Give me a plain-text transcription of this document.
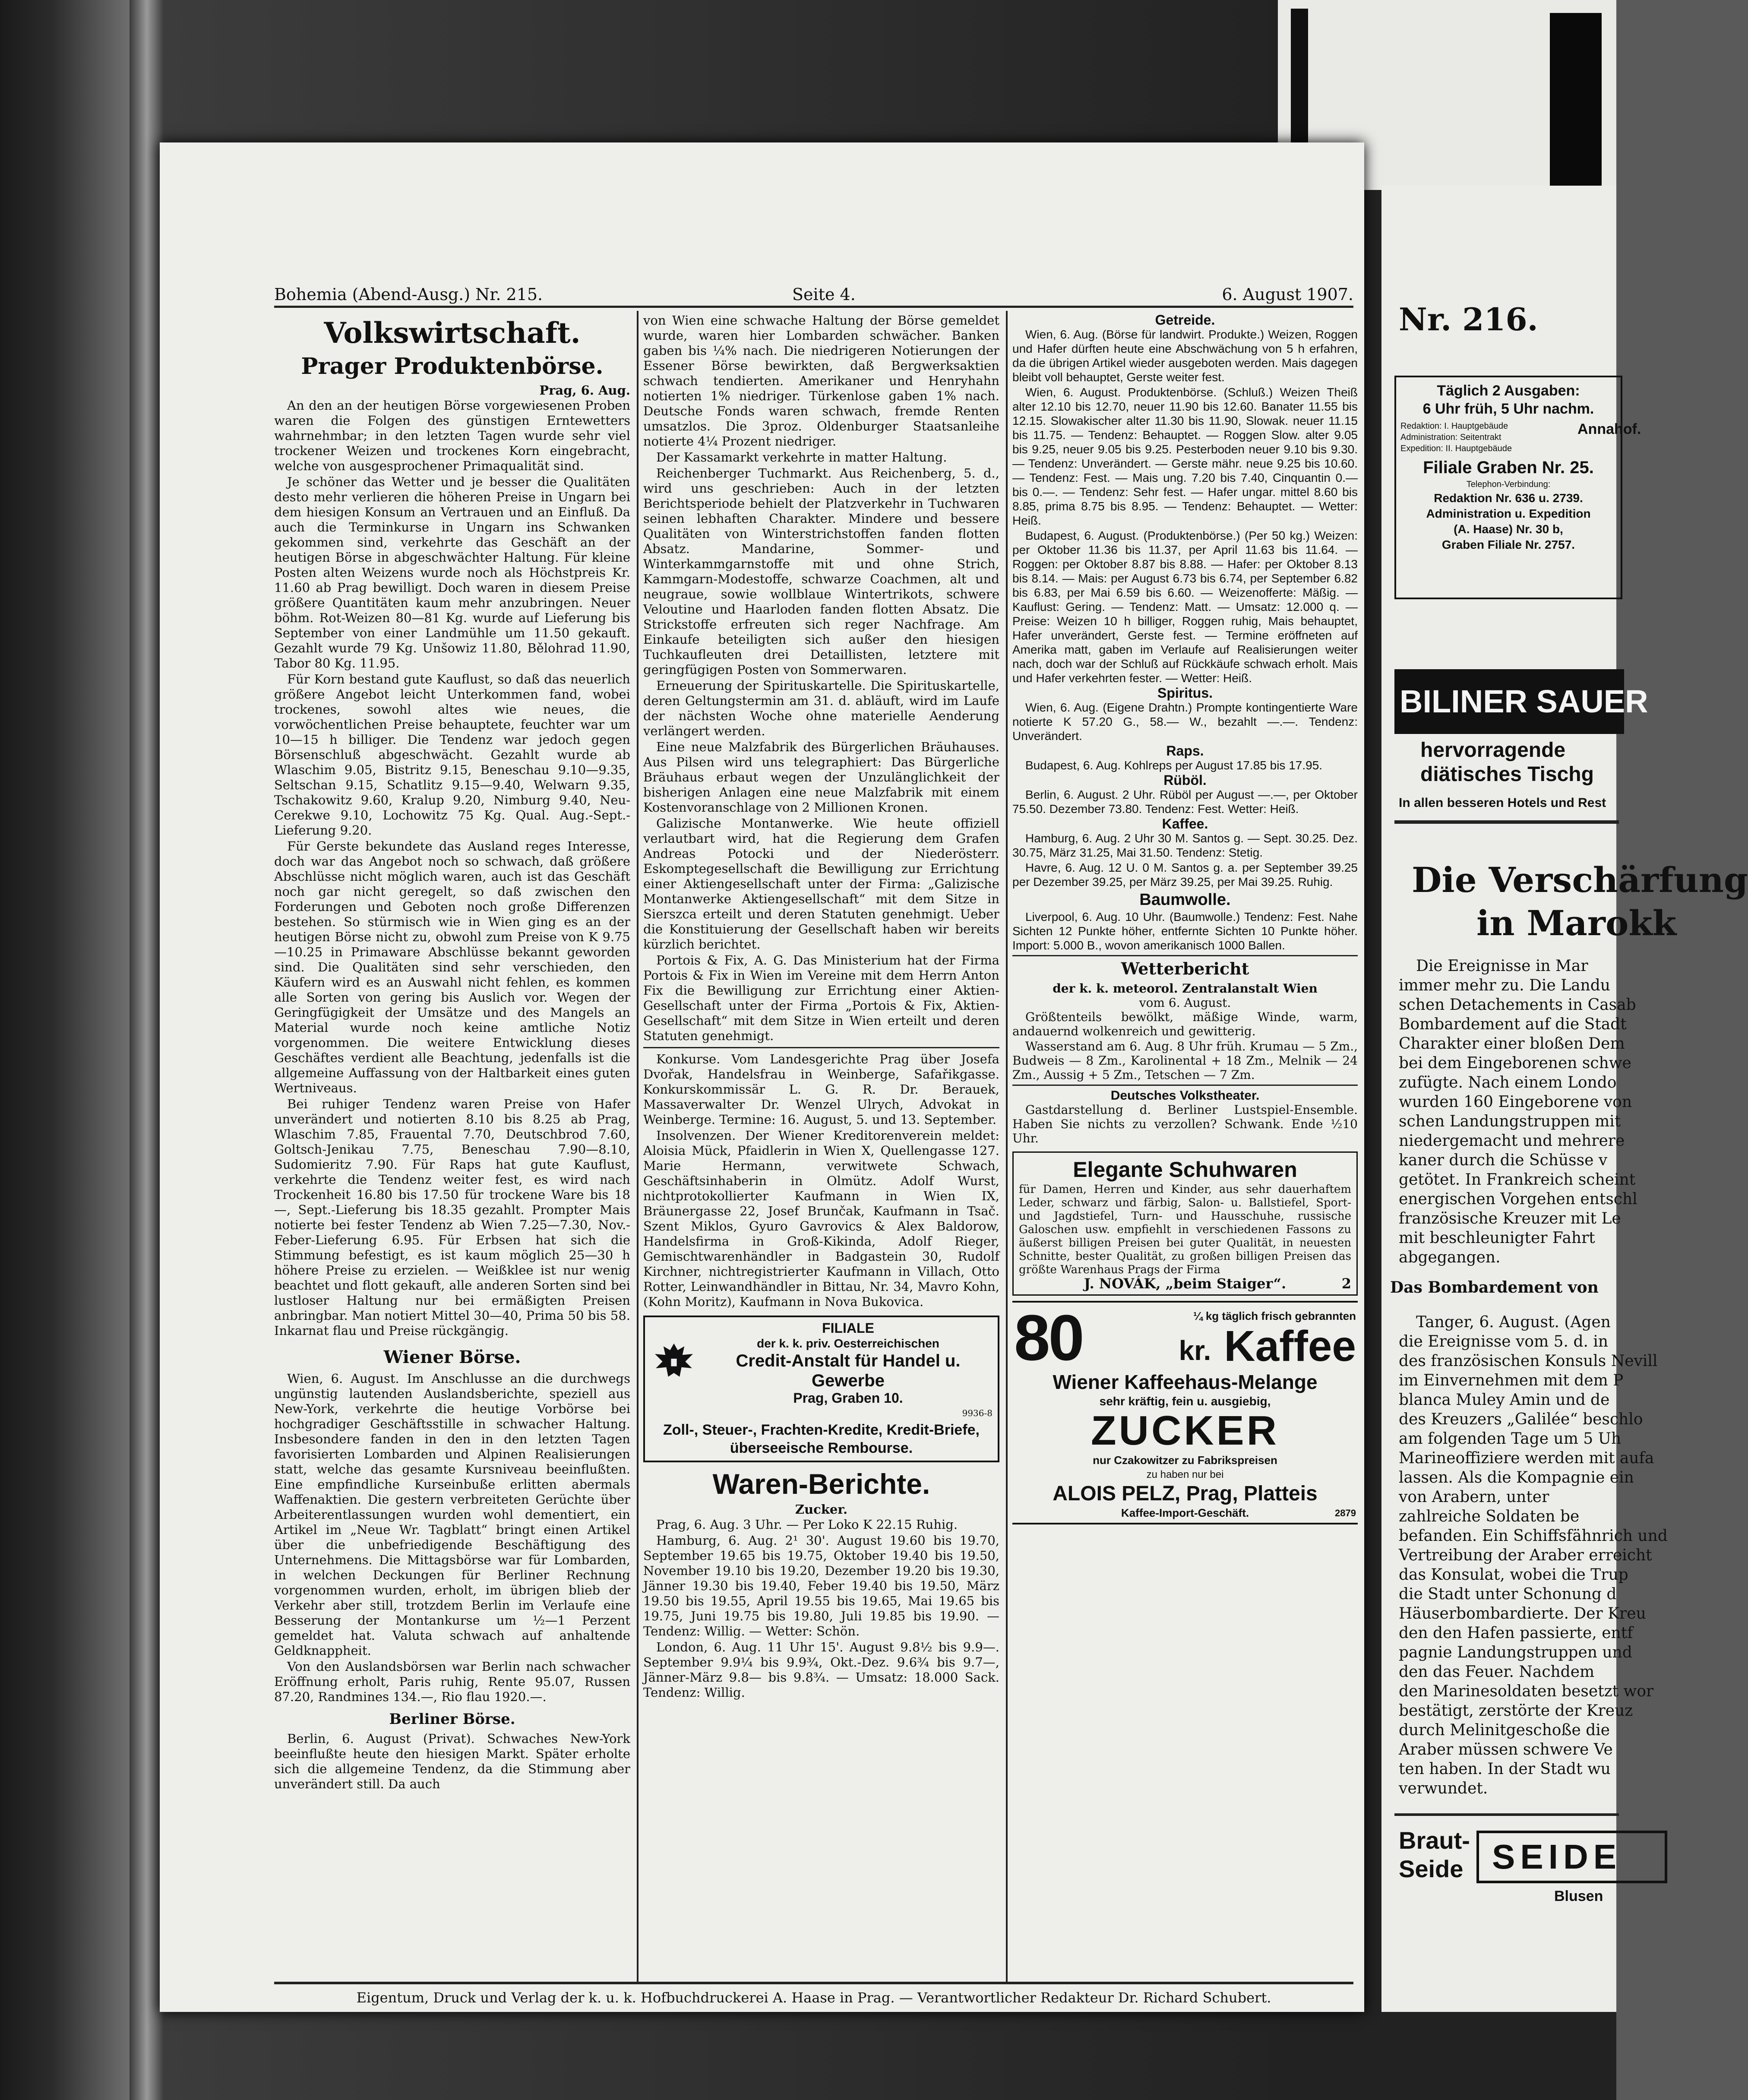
Bohemia (Abend-Ausg.) Nr. 215.	Seite 4.	6. August 1907.
Volkswirtschaft.
Prager Produktenbörse.
Prag, 6. Aug.

An den an der heutigen Börse vorgewiesenen Proben waren die Folgen des günstigen Erntewetters wahrnehmbar; in den letzten Tagen wurde sehr viel trockener Weizen und trockenes Korn eingebracht, welche von ausgesprochener Primaqualität sind.

Je schöner das Wetter und je besser die Qualitäten desto mehr verlieren die höheren Preise in Ungarn bei dem hiesigen Konsum an Vertrauen und an Einfluß. Da auch die Terminkurse in Ungarn ins Schwanken gekommen sind, verkehrte das Geschäft an der heutigen Börse in abgeschwächter Haltung. Für kleine Posten alten Weizens wurde noch als Höchstpreis Kr. 11.60 ab Prag bewilligt. Doch waren in diesem Preise größere Quantitäten kaum mehr anzubringen. Neuer böhm. Rot-Weizen 80—81 Kg. wurde auf Lieferung bis September von einer Landmühle um 11.50 gekauft. Gezahlt wurde 79 Kg. Unšowiz 11.80, Bělohrad 11.90, Tabor 80 Kg. 11.95.

Für Korn bestand gute Kauflust, so daß das neuerlich größere Angebot leicht Unterkommen fand, wobei trockenes, sowohl altes wie neues, die vorwöchentlichen Preise behauptete, feuchter war um 10—15 h billiger. Die Tendenz war jedoch gegen Börsenschluß abgeschwächt. Gezahlt wurde ab Wlaschim 9.05, Bistritz 9.15, Beneschau 9.10—9.35, Seltschan 9.15, Schatlitz 9.15—9.40, Welwarn 9.35, Tschakowitz 9.60, Kralup 9.20, Nimburg 9.40, Neu-Cerekwe 9.10, Lochowitz 75 Kg. Qual. Aug.-Sept.-Lieferung 9.20.

Für Gerste bekundete das Ausland reges Interesse, doch war das Angebot noch so schwach, daß größere Abschlüsse nicht möglich waren, auch ist das Geschäft noch gar nicht geregelt, so daß zwischen den Forderungen und Geboten noch große Differenzen bestehen. So stürmisch wie in Wien ging es an der heutigen Börse nicht zu, obwohl zum Preise von K 9.75—10.25 in Primaware Abschlüsse bekannt geworden sind. Die Qualitäten sind sehr verschieden, den Käufern wird es an Auswahl nicht fehlen, es kommen alle Sorten von gering bis Auslich vor. Wegen der Geringfügigkeit der Umsätze und des Mangels an Material wurde noch keine amtliche Notiz vorgenommen. Die weitere Entwicklung dieses Geschäftes verdient alle Beachtung, jedenfalls ist die allgemeine Auffassung von der Haltbarkeit eines guten Wertniveaus.

Bei ruhiger Tendenz waren Preise von Hafer unverändert und notierten 8.10 bis 8.25 ab Prag, Wlaschim 7.85, Frauental 7.70, Deutschbrod 7.60, Goltsch-Jenikau 7.75, Beneschau 7.90—8.10, Sudomieritz 7.90. Für Raps hat gute Kauflust, verkehrte die Tendenz weiter fest, es wird nach Trockenheit 16.80 bis 17.50 für trockene Ware bis 18—, Sept.-Lieferung bis 18.35 gezahlt. Prompter Mais notierte bei fester Tendenz ab Wien 7.25—7.30, Nov.-Feber-Lieferung 6.95. Für Erbsen hat sich die Stimmung befestigt, es ist kaum möglich 25—30 h höhere Preise zu erzielen. — Weißklee ist nur wenig beachtet und flott gekauft, alle anderen Sorten sind bei lustloser Haltung nur bei ermäßigten Preisen anbringbar. Man notiert Mittel 30—40, Prima 50 bis 58. Inkarnat flau und Preise rückgängig.

Wiener Börse.

Wien, 6. August. Im Anschlusse an die durchwegs ungünstig lautenden Auslandsberichte, speziell aus New-York, verkehrte die heutige Vorbörse bei hochgradiger Geschäftsstille in schwacher Haltung. Insbesondere fanden in den in den letzten Tagen favorisierten Lombarden und Alpinen Realisierungen statt, welche das gesamte Kursniveau beeinflußten. Eine empfindliche Kurseinbuße erlitten abermals Waffenaktien. Die gestern verbreiteten Gerüchte über Arbeiterentlassungen wurden wohl dementiert, ein Artikel im „Neue Wr. Tagblatt“ bringt einen Artikel über die unbefriedigende Beschäftigung des Unternehmens. Die Mittagsbörse war für Lombarden, in welchen Deckungen für Berliner Rechnung vorgenommen wurden, erholt, im übrigen blieb der Verkehr aber still, trotzdem Berlin im Verlaufe eine Besserung der Montankurse um ½—1 Perzent gemeldet hat. Valuta schwach auf anhaltende Geldknappheit.

Von den Auslandsbörsen war Berlin nach schwacher Eröffnung erholt, Paris ruhig, Rente 95.07, Russen 87.20, Randmines 134.—, Rio flau 1920.—.

Berliner Börse.

Berlin, 6. August (Privat). Schwaches New-York beeinflußte heute den hiesigen Markt. Später erholte sich die allgemeine Tendenz, da die Stimmung aber unverändert still. Da auch

von Wien eine schwache Haltung der Börse gemeldet wurde, waren hier Lombarden schwächer. Banken gaben bis ¼% nach. Die niedrigeren Notierungen der Essener Börse bewirkten, daß Bergwerksaktien schwach tendierten. Amerikaner und Henryhahn notierten 1% niedriger. Türkenlose gaben 1% nach. Deutsche Fonds waren schwach, fremde Renten umsatzlos. Die 3proz. Oldenburger Staatsanleihe notierte 4¼ Prozent niedriger.

Der Kassamarkt verkehrte in matter Haltung.

Reichenberger Tuchmarkt. Aus Reichenberg, 5. d., wird uns geschrieben: Auch in der letzten Berichtsperiode behielt der Platzverkehr in Tuchwaren seinen lebhaften Charakter. Mindere und bessere Qualitäten von Winterstrichstoffen fanden flotten Absatz. Mandarine, Sommer- und Winterkammgarnstoffe mit und ohne Strich, Kammgarn-Modestoffe, schwarze Coachmen, alt und neugraue, sowie wollblaue Wintertrikots, schwere Veloutine und Haarloden fanden flotten Absatz. Die Strickstoffe erfreuten sich reger Nachfrage. Am Einkaufe beteiligten sich außer den hiesigen Tuchkaufleuten drei Detaillisten, letztere mit geringfügigen Posten von Sommerwaren.

Erneuerung der Spirituskartelle. Die Spirituskartelle, deren Geltungstermin am 31. d. abläuft, wird im Laufe der nächsten Woche ohne materielle Aenderung verlängert werden.

Eine neue Malzfabrik des Bürgerlichen Bräuhauses. Aus Pilsen wird uns telegraphiert: Das Bürgerliche Bräuhaus erbaut wegen der Unzulänglichkeit der bisherigen Anlagen eine neue Malzfabrik mit einem Kostenvoranschlage von 2 Millionen Kronen.

Galizische Montanwerke. Wie heute offiziell verlautbart wird, hat die Regierung dem Grafen Andreas Potocki und der Niederösterr. Eskomptegesellschaft die Bewilligung zur Errichtung einer Aktiengesellschaft unter der Firma: „Galizische Montanwerke Aktiengesellschaft“ mit dem Sitze in Sierszca erteilt und deren Statuten genehmigt. Ueber die Konstituierung der Gesellschaft haben wir bereits kürzlich berichtet.

Portois & Fix, A. G. Das Ministerium hat der Firma Portois & Fix in Wien im Vereine mit dem Herrn Anton Fix die Bewilligung zur Errichtung einer Aktien-Gesellschaft unter der Firma „Portois & Fix, Aktien-Gesellschaft“ mit dem Sitze in Wien erteilt und deren Statuten genehmigt.

Konkurse. Vom Landesgerichte Prag über Josefa Dvořak, Handelsfrau in Weinberge, Safařikgasse. Konkurskommissär L. G. R. Dr. Berauek, Massaverwalter Dr. Wenzel Ulrych, Advokat in Weinberge. Termine: 16. August, 5. und 13. September.

Insolvenzen. Der Wiener Kreditorenverein meldet: Aloisia Mück, Pfaidlerin in Wien X, Quellengasse 127. Marie Hermann, verwitwete Schwach, Geschäftsinhaberin in Olmütz. Adolf Wurst, nichtprotokollierter Kaufmann in Wien IX, Bräunergasse 22, Josef Brunčak, Kaufmann in Tsač. Szent Miklos, Gyuro Gavrovics & Alex Baldorow, Handelsfirma in Groß-Kikinda, Adolf Rieger, Gemischtwarenhändler in Badgastein 30, Rudolf Kirchner, nichtregistrierter Kaufmann in Villach, Otto Rotter, Leinwandhändler in Bittau, Nr. 34, Mavro Kohn, (Kohn Moritz), Kaufmann in Nova Bukovica.

FILIALE
der k. k. priv. Oesterreichischen
Credit-Anstalt für Handel u. Gewerbe
Prag, Graben 10.
9936-8
Zoll-, Steuer-, Frachten-Kredite, Kredit-Briefe, überseeische Rembourse.
Waren-Berichte.
Zucker.

Prag, 6. Aug. 3 Uhr. — Per Loko K 22.15 Ruhig.

Hamburg, 6. Aug. 2¹ 30'. August 19.60 bis 19.70, September 19.65 bis 19.75, Oktober 19.40 bis 19.50, November 19.10 bis 19.20, Dezember 19.20 bis 19.30, Jänner 19.30 bis 19.40, Feber 19.40 bis 19.50, März 19.50 bis 19.55, April 19.55 bis 19.65, Mai 19.65 bis 19.75, Juni 19.75 bis 19.80, Juli 19.85 bis 19.90. — Tendenz: Willig. — Wetter: Schön.

London, 6. Aug. 11 Uhr 15'. August 9.8¹⁄₂ bis 9.9—. September 9.9¹⁄₄ bis 9.9³⁄₄, Okt.-Dez. 9.6³⁄₄ bis 9.7—, Jänner-März 9.8— bis 9.8³⁄₄. — Umsatz: 18.000 Sack. Tendenz: Willig.

Getreide.

Wien, 6. Aug. (Börse für landwirt. Produkte.) Weizen, Roggen und Hafer dürften heute eine Abschwächung von 5 h erfahren, da die übrigen Artikel wieder ausgeboten werden. Mais dagegen bleibt voll behauptet, Gerste weiter fest.

Wien, 6. August. Produktenbörse. (Schluß.) Weizen Theiß alter 12.10 bis 12.70, neuer 11.90 bis 12.60. Banater 11.55 bis 12.15. Slowakischer alter 11.30 bis 11.90, Slowak. neuer 11.15 bis 11.75. — Tendenz: Behauptet. — Roggen Slow. alter 9.05 bis 9.25, neuer 9.05 bis 9.25. Pesterboden neuer 9.10 bis 9.30. — Tendenz: Unverändert. — Gerste mähr. neue 9.25 bis 10.60. — Tendenz: Fest. — Mais ung. 7.20 bis 7.40, Cinquantin 0.— bis 0.—. — Tendenz: Sehr fest. — Hafer ungar. mittel 8.60 bis 8.85, prima 8.75 bis 8.95. — Tendenz: Behauptet. — Wetter: Heiß.

Budapest, 6. August. (Produktenbörse.) (Per 50 kg.) Weizen: per Oktober 11.36 bis 11.37, per April 11.63 bis 11.64. — Roggen: per Oktober 8.87 bis 8.88. — Hafer: per Oktober 8.13 bis 8.14. — Mais: per August 6.73 bis 6.74, per September 6.82 bis 6.83, per Mai 6.59 bis 6.60. — Weizenofferte: Mäßig. — Kauflust: Gering. — Tendenz: Matt. — Umsatz: 12.000 q. — Preise: Weizen 10 h billiger, Roggen ruhig, Mais behauptet, Hafer unverändert, Gerste fest. — Termine eröffneten auf Amerika matt, gaben im Verlaufe auf Realisierungen weiter nach, doch war der Schluß auf Rückkäufe schwach erholt. Mais und Hafer verkehrten fester. — Wetter: Heiß.

Spiritus.

Wien, 6. Aug. (Eigene Drahtn.) Prompte kontingentierte Ware notierte K 57.20 G., 58.— W., bezahlt —.—. Tendenz: Unverändert.

Raps.

Budapest, 6. Aug. Kohlreps per August 17.85 bis 17.95.

Rüböl.

Berlin, 6. August. 2 Uhr. Rüböl per August —.—, per Oktober 75.50. Dezember 73.80. Tendenz: Fest. Wetter: Heiß.

Kaffee.

Hamburg, 6. Aug. 2 Uhr 30 M. Santos g. — Sept. 30.25. Dez. 30.75, März 31.25, Mai 31.50. Tendenz: Stetig.

Havre, 6. Aug. 12 U. 0 M. Santos g. a. per September 39.25 per Dezember 39.25, per März 39.25, per Mai 39.25. Ruhig.

Baumwolle.

Liverpool, 6. Aug. 10 Uhr. (Baumwolle.) Tendenz: Fest. Nahe Sichten 12 Punkte höher, entfernte Sichten 10 Punkte höher. Import: 5.000 B., wovon amerikanisch 1000 Ballen.

Wetterbericht
der k. k. meteorol. Zentralanstalt Wien
vom 6. August.

Größtenteils bewölkt, mäßige Winde, warm, andauernd wolkenreich und gewitterig.

Wasserstand am 6. Aug. 8 Uhr früh. Krumau — 5 Zm., Budweis — 8 Zm., Karolinental + 18 Zm., Melnik — 24 Zm., Aussig + 5 Zm., Tetschen — 7 Zm.

Deutsches Volkstheater.

Gastdarstellung d. Berliner Lustspiel-Ensemble. Haben Sie nichts zu verzollen? Schwank. Ende ½10 Uhr.

Elegante Schuhwaren
für Damen, Herren und Kinder, aus sehr dauerhaftem Leder, schwarz und färbig, Salon- u. Ballstiefel, Sport- und Jagdstiefel, Turn- und Hausschuhe, russische Galoschen usw. empfiehlt in verschiedenen Fassons zu äußerst billigen Preisen bei guter Qualität, in neuesten Schnitte, bester Qualität, zu großen billigen Preisen das größte Warenhaus Prags der Firma
J. NOVÁK, „beim Staiger“.	2
80	¼ kg täglich frisch gebrannten
kr. Kaffee
Wiener Kaffeehaus-Melange
sehr kräftig, fein u. ausgiebig,
ZUCKER
nur Czakowitzer zu Fabrikspreisen
zu haben nur bei
ALOIS PELZ, Prag, Platteis
Kaffee-Import-Geschäft.	2879
Eigentum, Druck und Verlag der k. u. k. Hofbuchdruckerei A. Haase in Prag. — Verantwortlicher Redakteur Dr. Richard Schubert.
Nr. 216.
Täglich 2 Ausgaben:
6 Uhr früh, 5 Uhr nachm.
Redaktion: I. Hauptgebäude
Administration: Seitentrakt
Expedition: II. Hauptgebäude
Annahof.
Filiale Graben Nr. 25.
Telephon-Verbindung:
Redaktion Nr. 636 u. 2739.
Administration u. Expedition
(A. Haase) Nr. 30 b,
Graben Filiale Nr. 2757.
BILINER SAUER

hervorragende

diätisches Tischg

In allen besseren Hotels und Rest
Die Verschärfung
in Marokk

Die Ereignisse in Mar

immer mehr zu. Die Landu

schen Detachements in Casab

Bombardement auf die Stadt

Charakter einer bloßen Dem

bei dem Eingeborenen schwe

zufügte. Nach einem Londo

wurden 160 Eingeborene von

schen Landungstruppen mit

niedergemacht und mehrere

kaner durch die Schüsse v

getötet. In Frankreich scheint

energischen Vorgehen entschl

französische Kreuzer mit Le

mit beschleunigter Fahrt

abgegangen.

Das Bombardement von

Tanger, 6. August. (Agen

die Ereignisse vom 5. d. in

des französischen Konsuls Nevill

im Einvernehmen mit dem P

blanca Muley Amin und de

des Kreuzers „Galilée“ beschlo

am folgenden Tage um 5 Uh

Marineoffiziere werden mit aufa

lassen. Als die Kompagnie ein

von Arabern, unter

zahlreiche Soldaten be

befanden. Ein Schiffsfähnrich und

Vertreibung der Araber erreicht

das Konsulat, wobei die Trup

die Stadt unter Schonung d

Häuserbombardierte. Der Kreu

den den Hafen passierte, entf

pagnie Landungstruppen und

den das Feuer. Nachdem

den Marinesoldaten besetzt wor

bestätigt, zerstörte der Kreuz

durch Melinitgeschoße die

Araber müssen schwere Ve

ten haben. In der Stadt wu

verwundet.

Braut-

Seide SEIDE
Blusen
